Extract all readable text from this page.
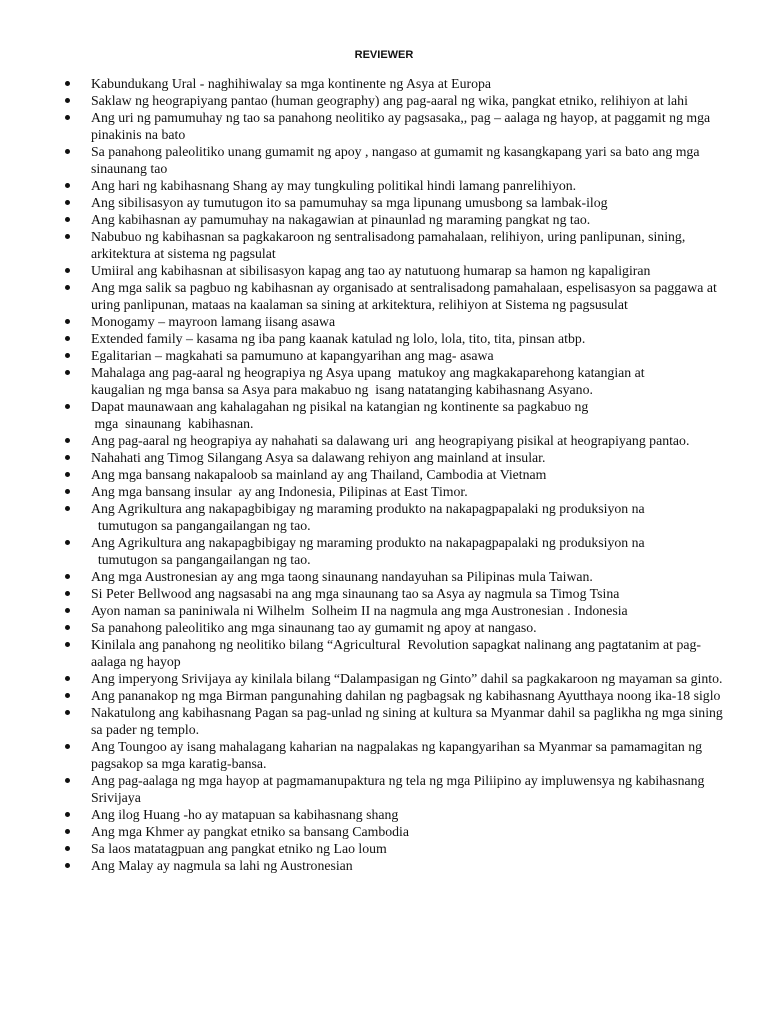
REVIEWER
Kabundukang Ural - naghihiwalay sa mga kontinente ng Asya at Europa
Saklaw ng heograpiyang pantao (human geography) ang pag-aaral ng wika, pangkat etniko, relihiyon at lahi
Ang uri ng pamumuhay ng tao sa panahong neolitiko ay pagsasaka,, pag – aalaga ng hayop, at paggamit ng mga pinakinis na bato
Sa panahong paleolitiko unang gumamit ng apoy , nangaso at gumamit ng kasangkapang yari sa bato ang mga sinaunang tao
Ang hari ng kabihasnang Shang ay may tungkuling politikal hindi lamang panrelihiyon.
Ang sibilisasyon ay tumutugon ito sa pamumuhay sa mga lipunang umusbong sa lambak-ilog
Ang kabihasnan ay pamumuhay na nakagawian at pinaunlad ng maraming pangkat ng tao.
Nabubuo ng kabihasnan sa pagkakaroon ng sentralisadong pamahalaan, relihiyon, uring panlipunan, sining, arkitektura at sistema ng pagsulat
Umiiral ang kabihasnan at sibilisasyon kapag ang tao ay natutuong humarap sa hamon ng kapaligiran
Ang mga salik sa pagbuo ng kabihasnan ay organisado at sentralisadong pamahalaan, espelisasyon sa paggawa at uring panlipunan, mataas na kaalaman sa sining at arkitektura, relihiyon at Sistema ng pagsusulat
Monogamy – mayroon lamang iisang asawa
Extended family – kasama ng iba pang kaanak katulad ng lolo, lola, tito, tita, pinsan atbp.
Egalitarian – magkahati sa pamumuno at kapangyarihan ang mag- asawa
Mahalaga ang pag-aaral ng heograpiya ng Asya upang  matukoy ang magkakaparehong katangian at
kaugalian ng mga bansa sa Asya para makabuo ng  isang natatanging kabihasnang Asyano.
Dapat maunawaan ang kahalagahan ng pisikal na katangian ng kontinente sa pagkabuo ng
mga  sinaunang  kabihasnan.
Ang pag-aaral ng heograpiya ay nahahati sa dalawang uri  ang heograpiyang pisikal at heograpiyang pantao.
Nahahati ang Timog Silangang Asya sa dalawang rehiyon ang mainland at insular.
Ang mga bansang nakapaloob sa mainland ay ang Thailand, Cambodia at Vietnam
Ang mga bansang insular  ay ang Indonesia, Pilipinas at East Timor.
Ang Agrikultura ang nakapagbibigay ng maraming produkto na nakapagpapalaki ng produksiyon na
tumutugon sa pangangailangan ng tao.
Ang Agrikultura ang nakapagbibigay ng maraming produkto na nakapagpapalaki ng produksiyon na
tumutugon sa pangangailangan ng tao.
Ang mga Austronesian ay ang mga taong sinaunang nandayuhan sa Pilipinas mula Taiwan.
Si Peter Bellwood ang nagsasabi na ang mga sinaunang tao sa Asya ay nagmula sa Timog Tsina
Ayon naman sa paniniwala ni Wilhelm  Solheim II na nagmula ang mga Austronesian . Indonesia
Sa panahong paleolitiko ang mga sinaunang tao ay gumamit ng apoy at nangaso.
Kinilala ang panahong ng neolitiko bilang “Agricultural  Revolution sapagkat nalinang ang pagtatanim at pag-aalaga ng hayop
Ang imperyong Srivijaya ay kinilala bilang “Dalampasigan ng Ginto” dahil sa pagkakaroon ng mayaman sa ginto.
Ang pananakop ng mga Birman pangunahing dahilan ng pagbagsak ng kabihasnang Ayutthaya noong ika-18 siglo
Nakatulong ang kabihasnang Pagan sa pag-unlad ng sining at kultura sa Myanmar dahil sa paglikha ng mga sining sa pader ng templo.
Ang Toungoo ay isang mahalagang kaharian na nagpalakas ng kapangyarihan sa Myanmar sa pamamagitan ng pagsakop sa mga karatig-bansa.
Ang pag-aalaga ng mga hayop at pagmamanupaktura ng tela ng mga Piliipino ay impluwensya ng kabihasnang Srivijaya
Ang ilog Huang -ho ay matapuan sa kabihasnang shang
Ang mga Khmer ay pangkat etniko sa bansang Cambodia
Sa laos matatagpuan ang pangkat etniko ng Lao loum
Ang Malay ay nagmula sa lahi ng Austronesian
